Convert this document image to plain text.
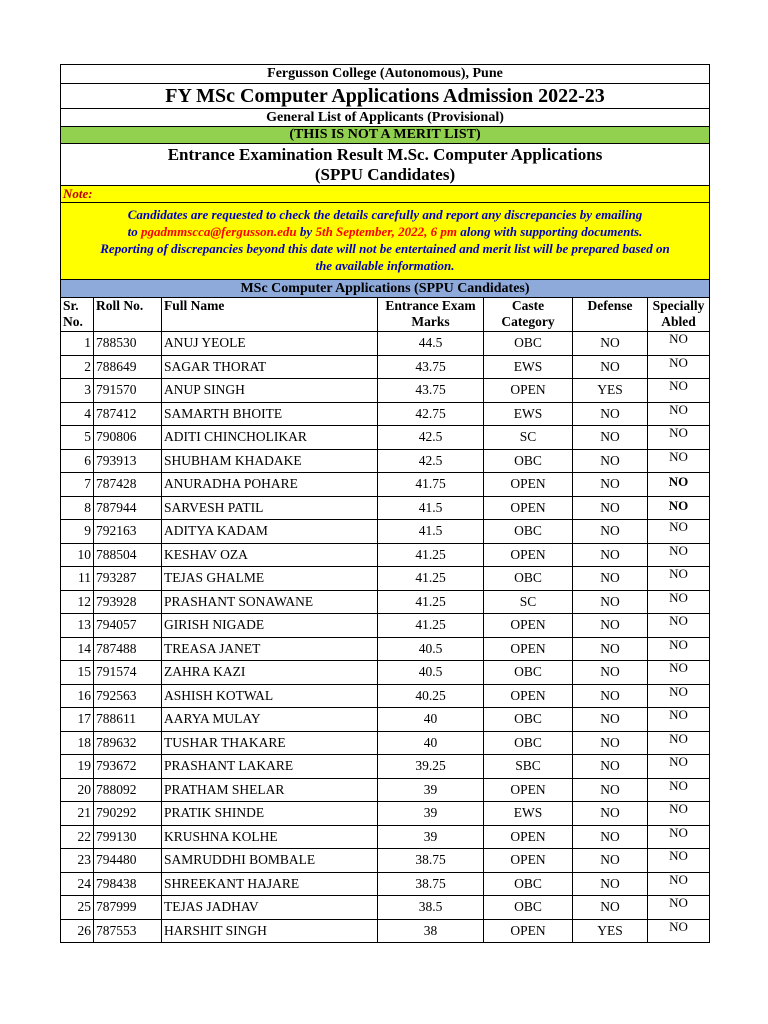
Fergusson College (Autonomous), Pune
FY MSc Computer Applications Admission 2022-23
General List of Applicants (Provisional)
(THIS IS NOT A MERIT LIST)
Entrance Examination Result M.Sc. Computer Applications
(SPPU Candidates)
Note:
Candidates are requested to check the details carefully and report any discrepancies by emailing
to pgadmmscca@fergusson.edu by 5th September, 2022, 6 pm along with supporting documents.
Reporting of discrepancies beyond this date will not be entertained and merit list will be prepared based on
the available information.
MSc Computer Applications (SPPU Candidates)
Sr. No.	Roll No.	Full Name	Entrance Exam Marks	Caste Category	Defense	Specially Abled
1	788530	ANUJ YEOLE	44.5	OBC	NO	NO
2	788649	SAGAR THORAT	43.75	EWS	NO	NO
3	791570	ANUP SINGH	43.75	OPEN	YES	NO
4	787412	SAMARTH BHOITE	42.75	EWS	NO	NO
5	790806	ADITI CHINCHOLIKAR	42.5	SC	NO	NO
6	793913	SHUBHAM KHADAKE	42.5	OBC	NO	NO
7	787428	ANURADHA POHARE	41.75	OPEN	NO	NO
8	787944	SARVESH PATIL	41.5	OPEN	NO	NO
9	792163	ADITYA KADAM	41.5	OBC	NO	NO
10	788504	KESHAV OZA	41.25	OPEN	NO	NO
11	793287	TEJAS GHALME	41.25	OBC	NO	NO
12	793928	PRASHANT SONAWANE	41.25	SC	NO	NO
13	794057	GIRISH NIGADE	41.25	OPEN	NO	NO
14	787488	TREASA JANET	40.5	OPEN	NO	NO
15	791574	ZAHRA KAZI	40.5	OBC	NO	NO
16	792563	ASHISH KOTWAL	40.25	OPEN	NO	NO
17	788611	AARYA MULAY	40	OBC	NO	NO
18	789632	TUSHAR THAKARE	40	OBC	NO	NO
19	793672	PRASHANT LAKARE	39.25	SBC	NO	NO
20	788092	PRATHAM SHELAR	39	OPEN	NO	NO
21	790292	PRATIK SHINDE	39	EWS	NO	NO
22	799130	KRUSHNA KOLHE	39	OPEN	NO	NO
23	794480	SAMRUDDHI BOMBALE	38.75	OPEN	NO	NO
24	798438	SHREEKANT HAJARE	38.75	OBC	NO	NO
25	787999	TEJAS JADHAV	38.5	OBC	NO	NO
26	787553	HARSHIT SINGH	38	OPEN	YES	NO
